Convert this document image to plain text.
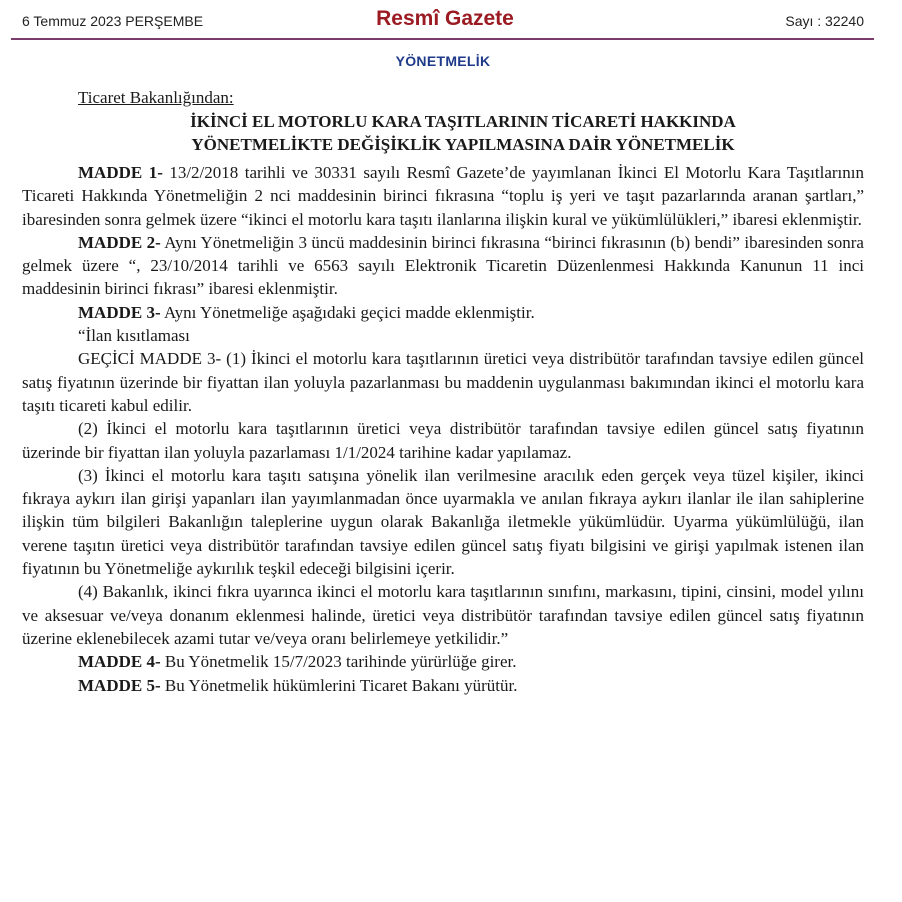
6 Temmuz 2023 PERŞEMBE	Resmî Gazete	Sayı : 32240
YÖNETMELİK
Ticaret Bakanlığından:
İKİNCİ EL MOTORLU KARA TAŞITLARININ TİCARETİ HAKKINDA
YÖNETMELİKTE DEĞİŞİKLİK YAPILMASINA DAİR YÖNETMELİK

MADDE 1- 13/2/2018 tarihli ve 30331 sayılı Resmî Gazete’de yayımlanan İkinci El Motorlu Kara Taşıtlarının Ticareti Hakkında Yönetmeliğin 2 nci maddesinin birinci fıkrasına “toplu iş yeri ve taşıt pazarlarında aranan şartları,” ibaresinden sonra gelmek üzere “ikinci el motorlu kara taşıtı ilanlarına ilişkin kural ve yükümlülükleri,” ibaresi eklenmiştir.

MADDE 2- Aynı Yönetmeliğin 3 üncü maddesinin birinci fıkrasına “birinci fıkrasının (b) bendi” ibaresinden sonra gelmek üzere “, 23/10/2014 tarihli ve 6563 sayılı Elektronik Ticaretin Düzenlenmesi Hakkında Kanunun 11 inci maddesinin birinci fıkrası” ibaresi eklenmiştir.

MADDE 3- Aynı Yönetmeliğe aşağıdaki geçici madde eklenmiştir.

“İlan kısıtlaması

GEÇİCİ MADDE 3- (1) İkinci el motorlu kara taşıtlarının üretici veya distribütör tarafından tavsiye edilen güncel satış fiyatının üzerinde bir fiyattan ilan yoluyla pazarlanması bu maddenin uygulanması bakımından ikinci el motorlu kara taşıtı ticareti kabul edilir.

(2) İkinci el motorlu kara taşıtlarının üretici veya distribütör tarafından tavsiye edilen güncel satış fiyatının üzerinde bir fiyattan ilan yoluyla pazarlaması 1/1/2024 tarihine kadar yapılamaz.

(3) İkinci el motorlu kara taşıtı satışına yönelik ilan verilmesine aracılık eden gerçek veya tüzel kişiler, ikinci fıkraya aykırı ilan girişi yapanları ilan yayımlanmadan önce uyarmakla ve anılan fıkraya aykırı ilanlar ile ilan sahiplerine ilişkin tüm bilgileri Bakanlığın taleplerine uygun olarak Bakanlığa iletmekle yükümlüdür. Uyarma yükümlülüğü, ilan verene taşıtın üretici veya distribütör tarafından tavsiye edilen güncel satış fiyatı bilgisini ve girişi yapılmak istenen ilan fiyatının bu Yönetmeliğe aykırılık teşkil edeceği bilgisini içerir.

(4) Bakanlık, ikinci fıkra uyarınca ikinci el motorlu kara taşıtlarının sınıfını, markasını, tipini, cinsini, model yılını ve aksesuar ve/veya donanım eklenmesi halinde, üretici veya distribütör tarafından tavsiye edilen güncel satış fiyatının üzerine eklenebilecek azami tutar ve/veya oranı belirlemeye yetkilidir.”

MADDE 4- Bu Yönetmelik 15/7/2023 tarihinde yürürlüğe girer.

MADDE 5- Bu Yönetmelik hükümlerini Ticaret Bakanı yürütür.
